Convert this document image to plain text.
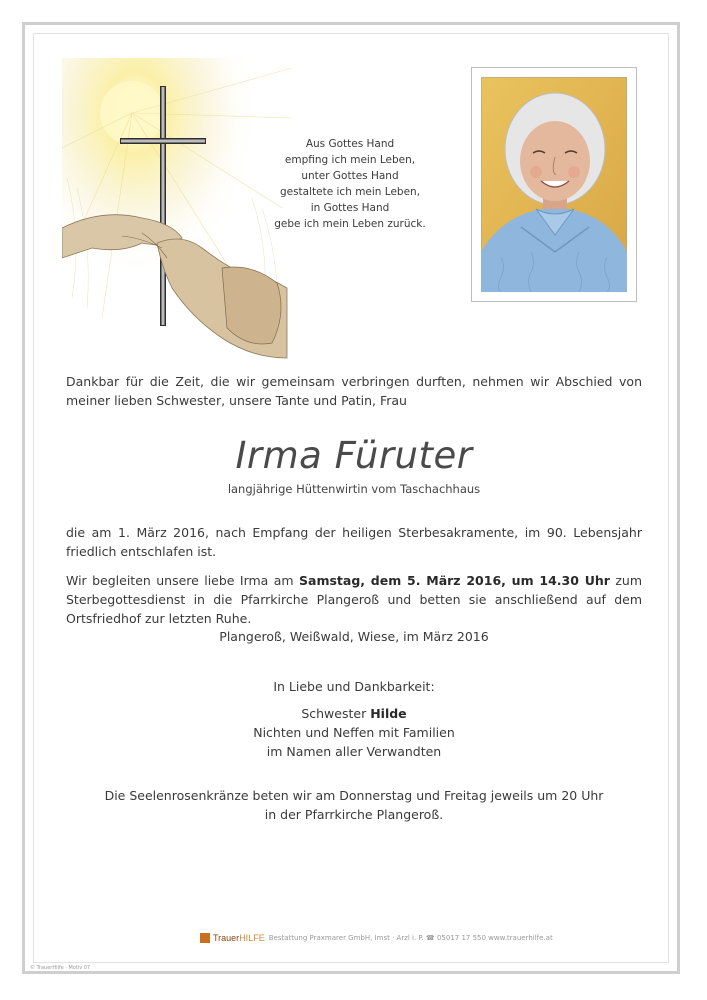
Aus Gottes Hand
empfing ich mein Leben,
unter Gottes Hand
gestaltete ich mein Leben,
in Gottes Hand
gebe ich mein Leben zurück.
Dankbar für die Zeit, die wir gemeinsam verbringen durften, nehmen wir Abschied von meiner lieben Schwester, unsere Tante und Patin, Frau
Irma Füruter
langjährige Hüttenwirtin vom Taschachhaus
die am 1. März 2016, nach Empfang der heiligen Sterbesakramente, im 90. Lebensjahr friedlich entschlafen ist.
Wir begleiten unsere liebe Irma am Samstag, dem 5. März 2016, um 14.30 Uhr zum Sterbegottesdienst in die Pfarrkirche Plangeroß und betten sie anschließend auf dem Ortsfriedhof zur letzten Ruhe.
Plangeroß, Weißwald, Wiese, im März 2016
In Liebe und Dankbarkeit:
Schwester Hilde
Nichten und Neffen mit Familien
im Namen aller Verwandten
Die Seelenrosenkränze beten wir am Donnerstag und Freitag jeweils um 20 Uhr
in der Pfarrkirche Plangeroß.
TrauerHILFE Bestattung Praxmarer GmbH, Imst · Arzl i. P. ☎ 05017 17 550 www.trauerhilfe.at
© TrauerHilfe · Motiv 07
